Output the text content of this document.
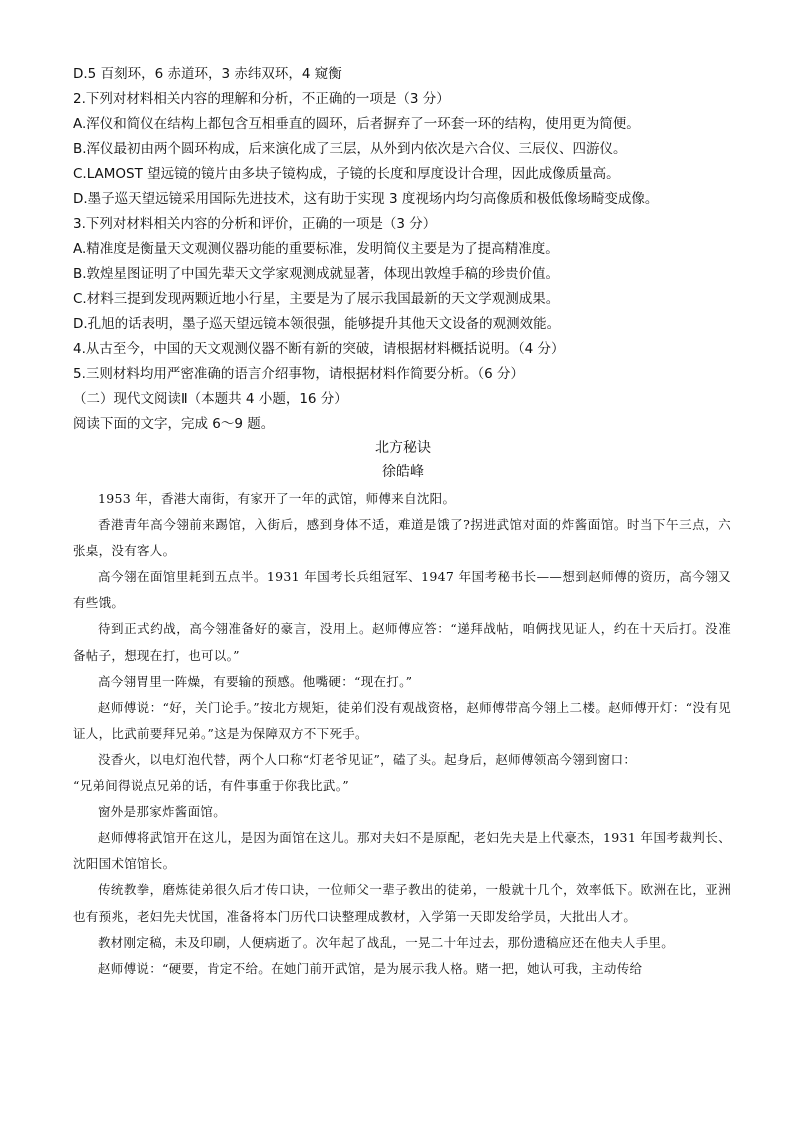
D.5 百刻环，6 赤道环，3 赤纬双环，4 窥衡
2.下列对材料相关内容的理解和分析，不正确的一项是（3 分）
A.浑仪和简仪在结构上都包含互相垂直的圆环，后者摒弃了一环套一环的结构，使用更为简便。
B.浑仪最初由两个圆环构成，后来演化成了三层，从外到内依次是六合仪、三辰仪、四游仪。
C.LAMOST 望远镜的镜片由多块子镜构成，子镜的长度和厚度设计合理，因此成像质量高。
D.墨子巡天望远镜采用国际先进技术，这有助于实现 3 度视场内均匀高像质和极低像场畸变成像。
3.下列对材料相关内容的分析和评价，正确的一项是（3 分）
A.精准度是衡量天文观测仪器功能的重要标准，发明简仪主要是为了提高精准度。
B.敦煌星图证明了中国先辈天文学家观测成就显著，体现出敦煌手稿的珍贵价值。
C.材料三提到发现两颗近地小行星，主要是为了展示我国最新的天文学观测成果。
D.孔旭的话表明，墨子巡天望远镜本领很强，能够提升其他天文设备的观测效能。
4.从古至今，中国的天文观测仪器不断有新的突破，请根据材料概括说明。（4 分）
5.三则材料均用严密准确的语言介绍事物，请根据材料作简要分析。（6 分）
（二）现代文阅读Ⅱ（本题共 4 小题，16 分）
阅读下面的文字，完成 6～9 题。
北方秘诀
徐皓峰

1953 年，香港大南街，有家开了一年的武馆，师傅来自沈阳。

香港青年高今翎前来踢馆，入街后，感到身体不适，难道是饿了?拐进武馆对面的炸酱面馆。时当下午三点，六张桌，没有客人。

高今翎在面馆里耗到五点半。1931 年国考长兵组冠军、1947 年国考秘书长——想到赵师傅的资历，高今翎又有些饿。

待到正式约战，高今翎准备好的豪言，没用上。赵师傅应答：“递拜战帖，咱俩找见证人，约在十天后打。没准备帖子，想现在打，也可以。”

高今翎胃里一阵燥，有要输的预感。他嘴硬：“现在打。”

赵师傅说：“好，关门论手。”按北方规矩，徒弟们没有观战资格，赵师傅带高今翎上二楼。赵师傅开灯：“没有见证人，比武前要拜兄弟。”这是为保障双方不下死手。

没香火，以电灯泡代替，两个人口称“灯老爷见证”，磕了头。起身后，赵师傅领高今翎到窗口：

“兄弟间得说点兄弟的话，有件事重于你我比武。”

窗外是那家炸酱面馆。

赵师傅将武馆开在这儿，是因为面馆在这儿。那对夫妇不是原配，老妇先夫是上代豪杰，1931 年国考裁判长、沈阳国术馆馆长。

传统教拳，磨炼徒弟很久后才传口诀，一位师父一辈子教出的徒弟，一般就十几个，效率低下。欧洲在比，亚洲也有预兆，老妇先夫忧国，准备将本门历代口诀整理成教材，入学第一天即发给学员，大批出人才。

教材刚定稿，未及印刷，人便病逝了。次年起了战乱，一晃二十年过去，那份遗稿应还在他夫人手里。

赵师傅说：“硬要，肯定不给。在她门前开武馆，是为展示我人格。赌一把，她认可我，主动传给
